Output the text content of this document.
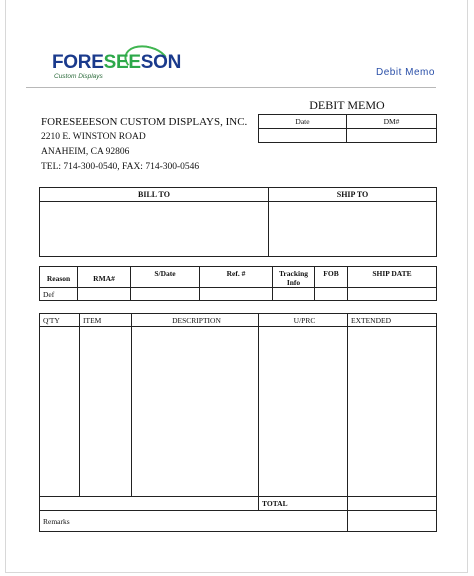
FORESEESON
Custom Displays	Debit Memo
FORESEEESON CUSTOM DISPLAYS, INC.
2210 E. WINSTON ROAD
ANAHEIM, CA 92806
TEL: 714-300-0540, FAX: 714-300-0546
DEBIT MEMO
Date	DM#

BILL TO	SHIP TO

Reason	RMA#	S/Date	Ref. #	Tracking Info	FOB	SHIP DATE
Def						
Q'TY	ITEM	DESCRIPTION	U/PRC	EXTENDED

			TOTAL	
Remarks				
